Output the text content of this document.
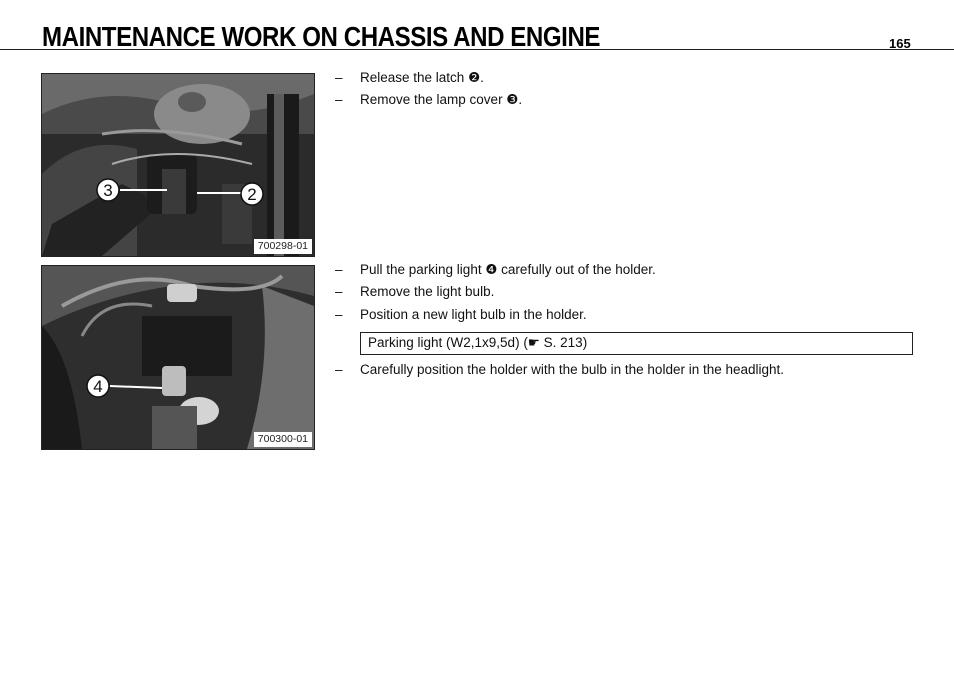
MAINTENANCE WORK ON CHASSIS AND ENGINE	165
3	2
700298-01
4
700300-01
– Release the latch ❷.
– Remove the lamp cover ❸.
– Pull the parking light ❹ carefully out of the holder.
– Remove the light bulb.
– Position a new light bulb in the holder.
Parking light (W2,1x9,5d) (☛ S. 213)
– Carefully position the holder with the bulb in the holder in the headlight.
